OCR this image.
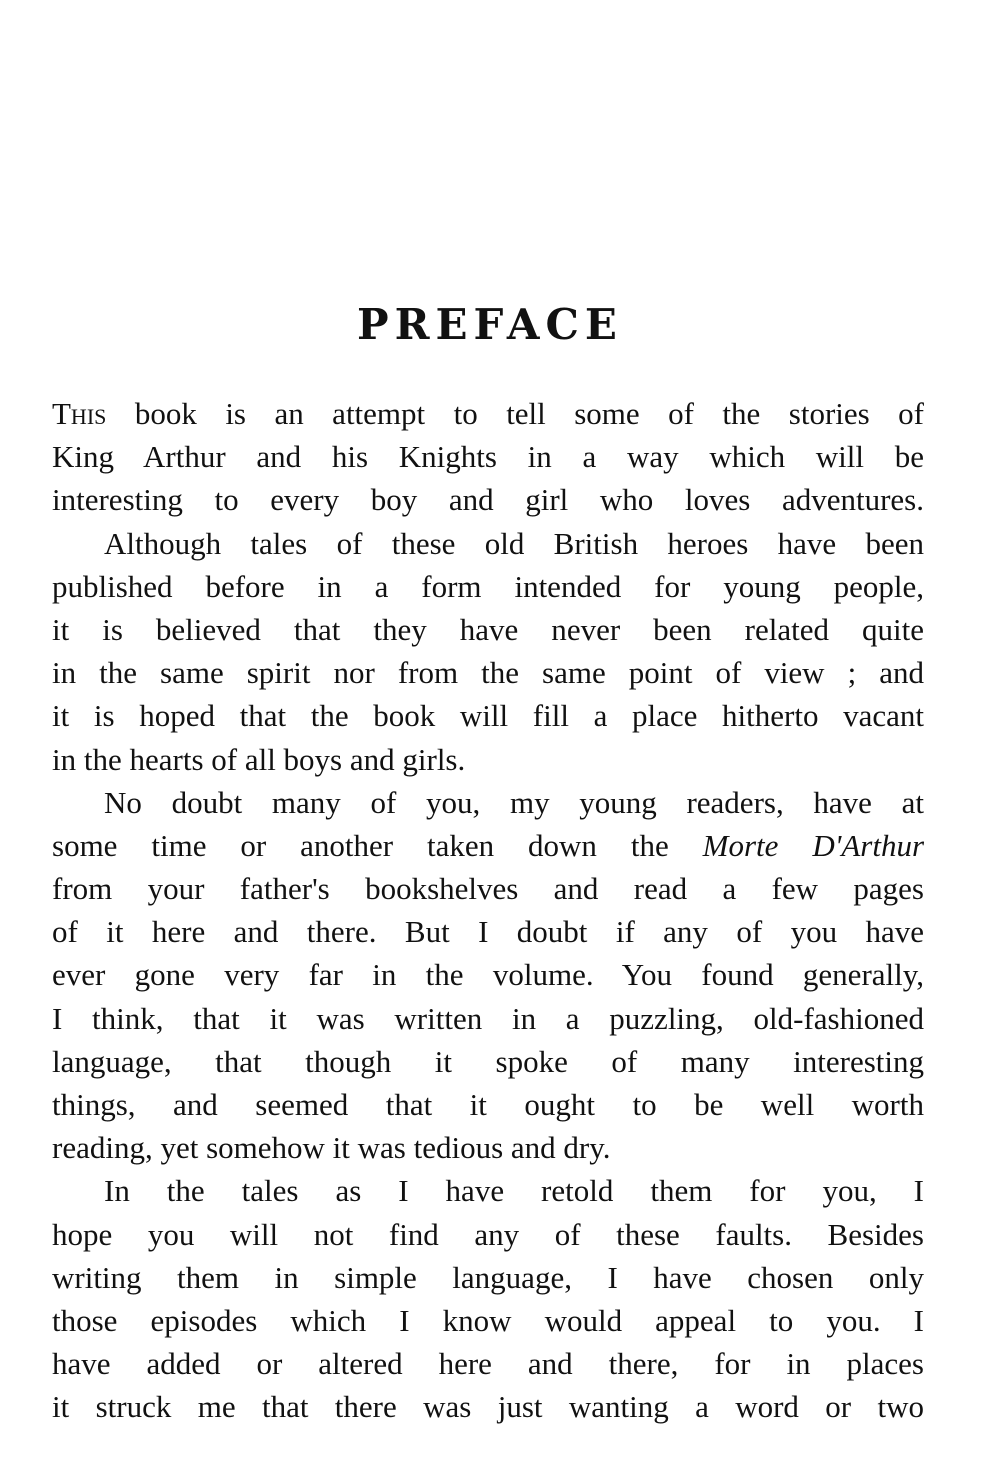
PREFACE
This book is an attempt to tell some of the stories of
King Arthur and his Knights in a way which will be
interesting to every boy and girl who loves adventures.
Although tales of these old British heroes have been
published before in a form intended for young people,
it is believed that they have never been related quite
in the same spirit nor from the same point of view ; and
it is hoped that the book will fill a place hitherto vacant
in the hearts of all boys and girls.
No doubt many of you, my young readers, have at
some time or another taken down the Morte D'Arthur
from your father's bookshelves and read a few pages
of it here and there. But I doubt if any of you have
ever gone very far in the volume. You found generally,
I think, that it was written in a puzzling, old-fashioned
language, that though it spoke of many interesting
things, and seemed that it ought to be well worth
reading, yet somehow it was tedious and dry.
In the tales as I have retold them for you, I
hope you will not find any of these faults. Besides
writing them in simple language, I have chosen only
those episodes which I know would appeal to you. I
have added or altered here and there, for in places
it struck me that there was just wanting a word or two
